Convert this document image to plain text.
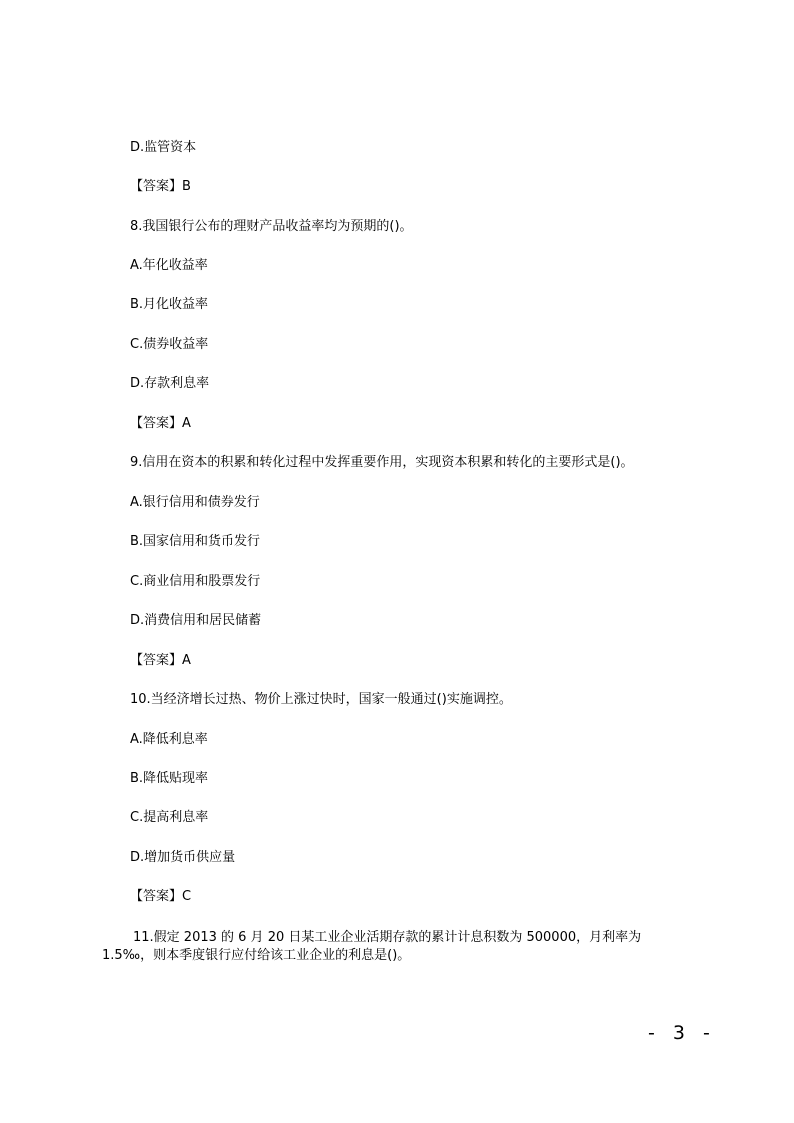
D.监管资本
【答案】B
8.我国银行公布的理财产品收益率均为预期的()。
A.年化收益率
B.月化收益率
C.债券收益率
D.存款利息率
【答案】A
9.信用在资本的积累和转化过程中发挥重要作用，实现资本积累和转化的主要形式是()。
A.银行信用和债券发行
B.国家信用和货币发行
C.商业信用和股票发行
D.消费信用和居民储蓄
【答案】A
10.当经济增长过热、物价上涨过快时，国家一般通过()实施调控。
A.降低利息率
B.降低贴现率
C.提高利息率
D.增加货币供应量
【答案】C
11.假定 2013 的 6 月 20 日某工业企业活期存款的累计计息积数为 500000，月利率为
1.5‰，则本季度银行应付给该工业企业的利息是()。
- 3 -
